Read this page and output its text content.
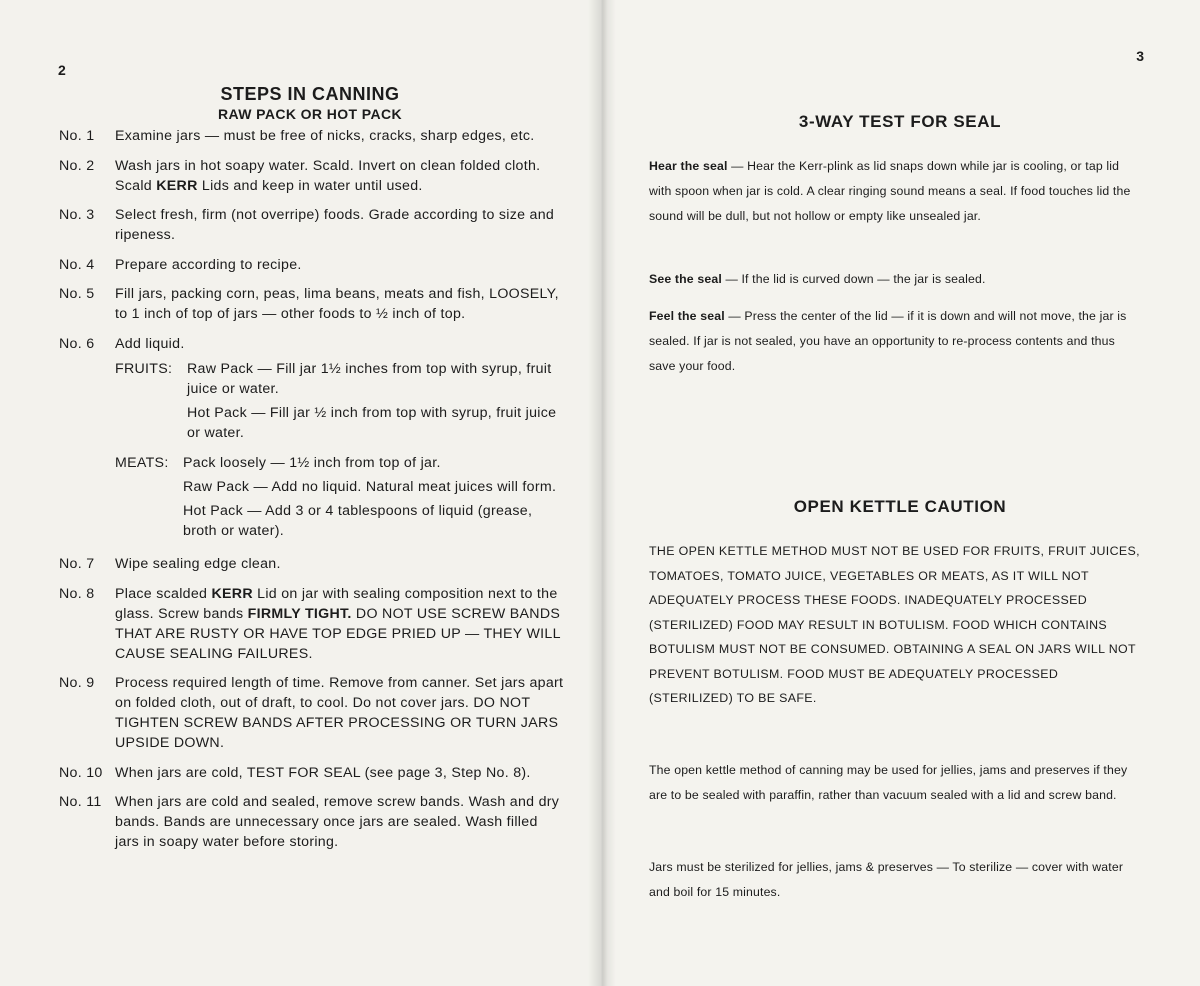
2
STEPS IN CANNING
RAW PACK OR HOT PACK
No. 1	Examine jars — must be free of nicks, cracks, sharp edges, etc.
No. 2	Wash jars in hot soapy water. Scald. Invert on clean folded cloth. Scald KERR Lids and keep in water until used.
No. 3	Select fresh, firm (not overripe) foods. Grade according to size and ripeness.
No. 4	Prepare according to recipe.
No. 5	Fill jars, packing corn, peas, lima beans, meats and fish, LOOSELY, to 1 inch of top of jars — other foods to ½ inch of top.
No. 6	Add liquid.
FRUITS:	Raw Pack — Fill jar 1½ inches from top with syrup, fruit juice or water.

Hot Pack — Fill jar ½ inch from top with syrup, fruit juice or water.

MEATS:	Pack loosely — 1½ inch from top of jar.

Raw Pack — Add no liquid. Natural meat juices will form.

Hot Pack — Add 3 or 4 tablespoons of liquid (grease, broth or water).

No. 7	Wipe sealing edge clean.
No. 8	Place scalded KERR Lid on jar with sealing composition next to the glass. Screw bands FIRMLY TIGHT. DO NOT USE SCREW BANDS THAT ARE RUSTY OR HAVE TOP EDGE PRIED UP — THEY WILL CAUSE SEALING FAILURES.
No. 9	Process required length of time. Remove from canner. Set jars apart on folded cloth, out of draft, to cool. Do not cover jars. DO NOT TIGHTEN SCREW BANDS AFTER PROCESSING OR TURN JARS UPSIDE DOWN.
No. 10 When jars are cold, TEST FOR SEAL (see page 3, Step No. 8).
No. 11 When jars are cold and sealed, remove screw bands. Wash and dry bands. Bands are unnecessary once jars are sealed. Wash filled jars in soapy water before storing.
3
3-WAY TEST FOR SEAL

Hear the seal — Hear the Kerr-plink as lid snaps down while jar is cooling, or tap lid with spoon when jar is cold. A clear ringing sound means a seal. If food touches lid the sound will be dull, but not hollow or empty like unsealed jar.

See the seal — If the lid is curved down — the jar is sealed.

Feel the seal — Press the center of the lid — if it is down and will not move, the jar is sealed. If jar is not sealed, you have an opportunity to re-process contents and thus save your food.

OPEN KETTLE CAUTION

THE OPEN KETTLE METHOD MUST NOT BE USED FOR FRUITS, FRUIT JUICES, TOMATOES, TOMATO JUICE, VEGETABLES OR MEATS, AS IT WILL NOT ADEQUATELY PROCESS THESE FOODS. INADEQUATELY PROCESSED (STERILIZED) FOOD MAY RESULT IN BOTULISM. FOOD WHICH CONTAINS BOTULISM MUST NOT BE CONSUMED. OBTAINING A SEAL ON JARS WILL NOT PREVENT BOTULISM. FOOD MUST BE ADEQUATELY PROCESSED (STERILIZED) TO BE SAFE.

The open kettle method of canning may be used for jellies, jams and preserves if they are to be sealed with paraffin, rather than vacuum sealed with a lid and screw band.

Jars must be sterilized for jellies, jams & preserves — To sterilize — cover with water and boil for 15 minutes.
